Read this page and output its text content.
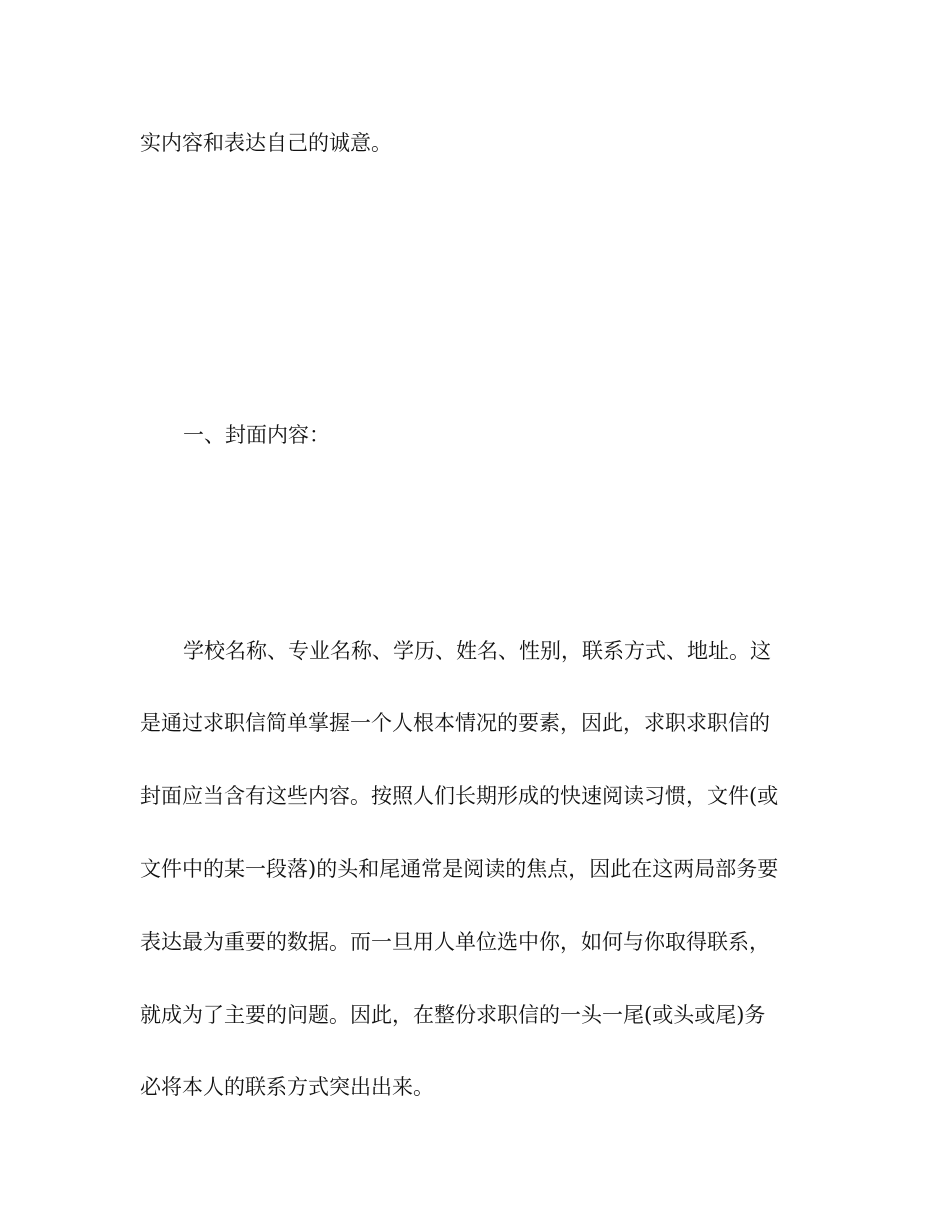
实内容和表达自己的诚意。

一、封面内容：

学校名称、专业名称、学历、姓名、性别，联系方式、地址。这

是通过求职信简单掌握一个人根本情况的要素，因此，求职求职信的

封面应当含有这些内容。按照人们长期形成的快速阅读习惯，文件(或

文件中的某一段落)的头和尾通常是阅读的焦点，因此在这两局部务要

表达最为重要的数据。而一旦用人单位选中你，如何与你取得联系，

就成为了主要的问题。因此，在整份求职信的一头一尾(或头或尾)务

必将本人的联系方式突出出来。
